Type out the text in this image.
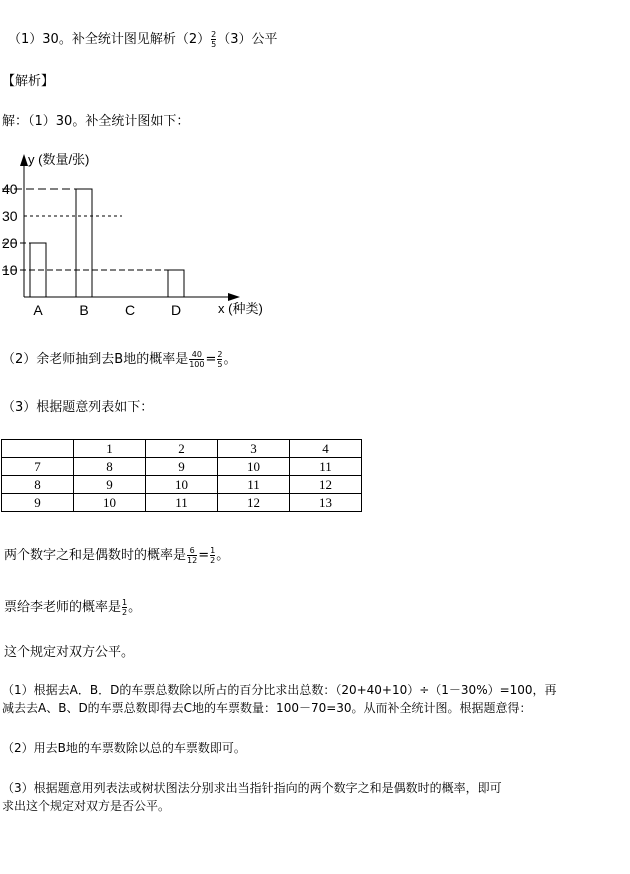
（1）30。补全统计图见解析$(2) \frac{2}{5} (3)$公平
【解析】
解：（1）30。补全统计图如下：
y (数量/张)
x (种类)
10
20
30
40
A	B	C	D
（2）余老师抽到去B地的概率是 $\frac{40}{100} = \frac{2}{5}$ 。
（3）根据题意列表如下：
	1	2	3	4
7	8	9	10	11
8	9	10	11	12
9	10	11	12	13
两个数字之和是偶数时的概率是 $\frac{6}{12} = \frac{1}{2}$ 。
票给李老师的概率是 $\frac{1}{2}$ 。
这个规定对双方公平。
（1）根据去A．B．D的车票总数除以所占的百分比求出总数：（20+40+10）÷（1－30%）=100，再
减去去A、B、D的车票总数即得去C地的车票数量：100－70=30。从而补全统计图。根据题意得：
（2）用去B地的车票数除以总的车票数即可。
（3）根据题意用列表法或树状图法分别求出当指针指向的两个数字之和是偶数时的概率，即可
求出这个规定对双方是否公平。
